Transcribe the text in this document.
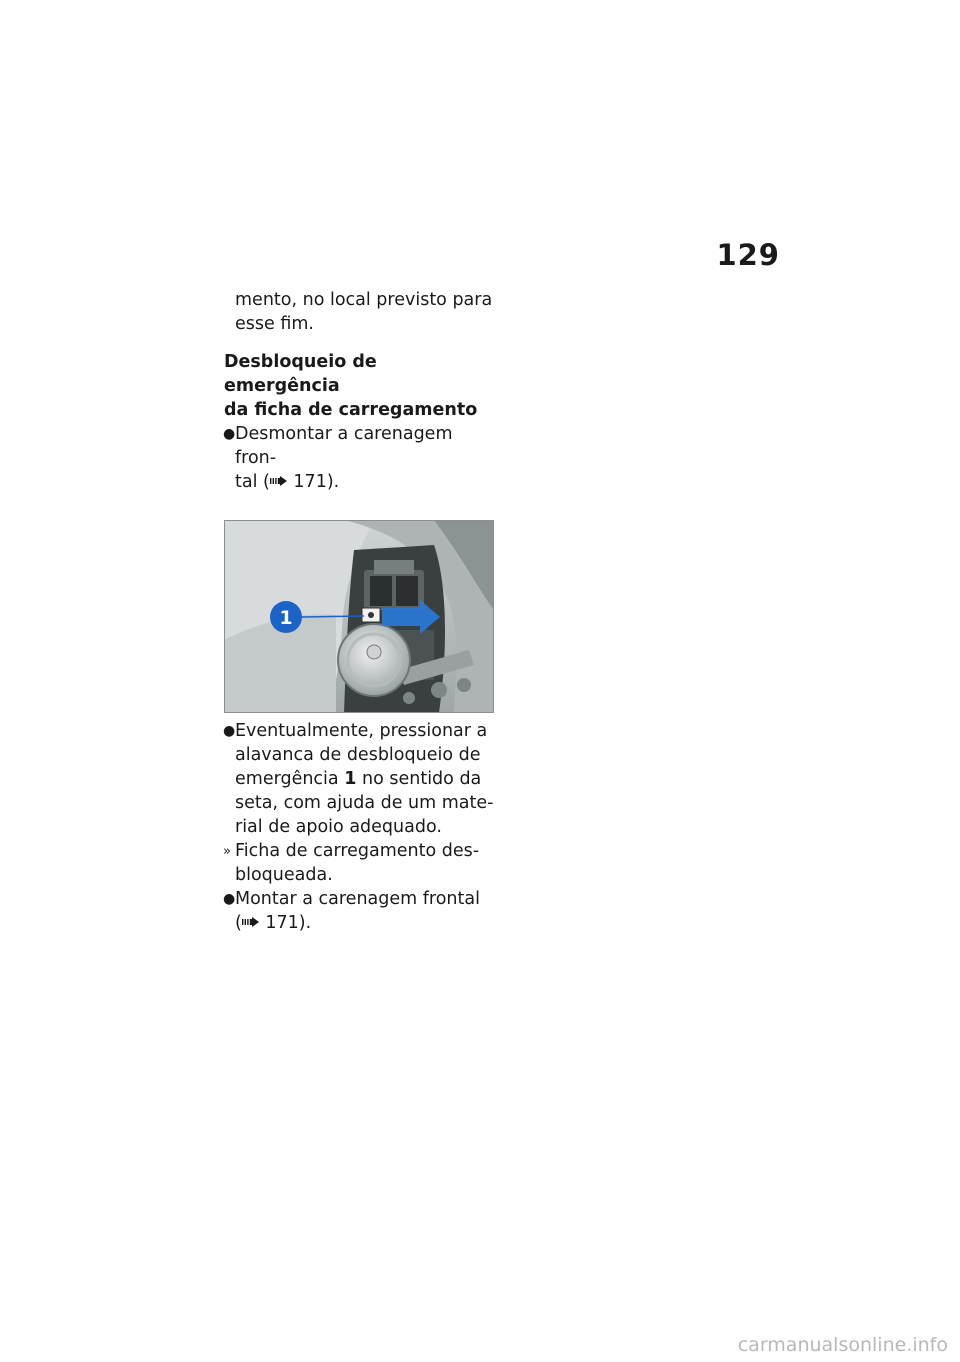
129

mento, no local previsto para
esse fim.

Desbloqueio de emergência
da ficha de carregamento
● Desmontar a carenagem fron-
tal ( 171).
1
● Eventualmente, pressionar a
alavanca de desbloqueio de
emergência 1 no sentido da
seta, com ajuda de um mate-
rial de apoio adequado.
» Ficha de carregamento des-
bloqueada.
● Montar a carenagem frontal
( 171).
carmanualsonline.info
